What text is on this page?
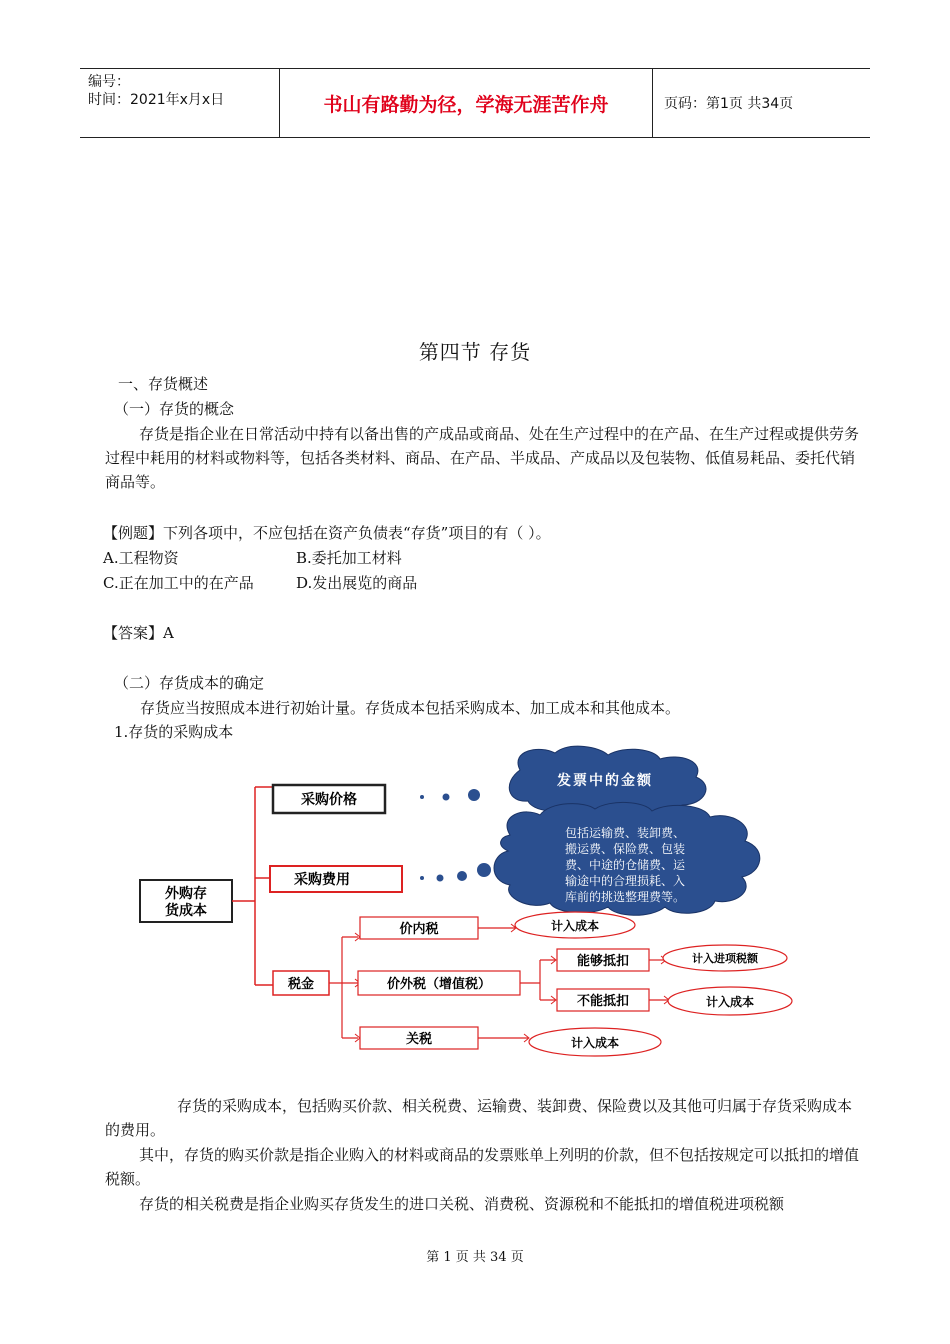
编号：
时间：2021年x月x日	书山有路勤为径，学海无涯苦作舟	页码：第1页 共34页
第四节 存货
一、存货概述
（一）存货的概念
存货是指企业在日常活动中持有以备出售的产成品或商品、处在生产过程中的在产品、在生产过程或提供劳务过程中耗用的材料或物料等，包括各类材料、商品、在产品、半成品、产成品以及包装物、低值易耗品、委托代销商品等。
【例题】下列各项中，不应包括在资产负债表“存货”项目的有（ ）。
A.工程物资	B.委托加工材料
C.正在加工中的在产品	D.发出展览的商品
【答案】A
（二）存货成本的确定
存货应当按照成本进行初始计量。存货成本包括采购成本、加工成本和其他成本。
1.存货的采购成本
外购存
货成本
采购价格
采购费用
税金
发票中的金额
包括运输费、装卸费、
搬运费、保险费、包装
费、中途的仓储费、运
输途中的合理损耗、入
库前的挑选整理费等。
价内税
价外税（增值税）
关税
计入成本
能够抵扣
不能抵扣
计入进项税额
计入成本
计入成本
存货的采购成本，包括购买价款、相关税费、运输费、装卸费、保险费以及其他可归属于存货采购成本的费用。
其中，存货的购买价款是指企业购入的材料或商品的发票账单上列明的价款，但不包括按规定可以抵扣的增值税额。
存货的相关税费是指企业购买存货发生的进口关税、消费税、资源税和不能抵扣的增值税进项税额
第 1 页 共 34 页
